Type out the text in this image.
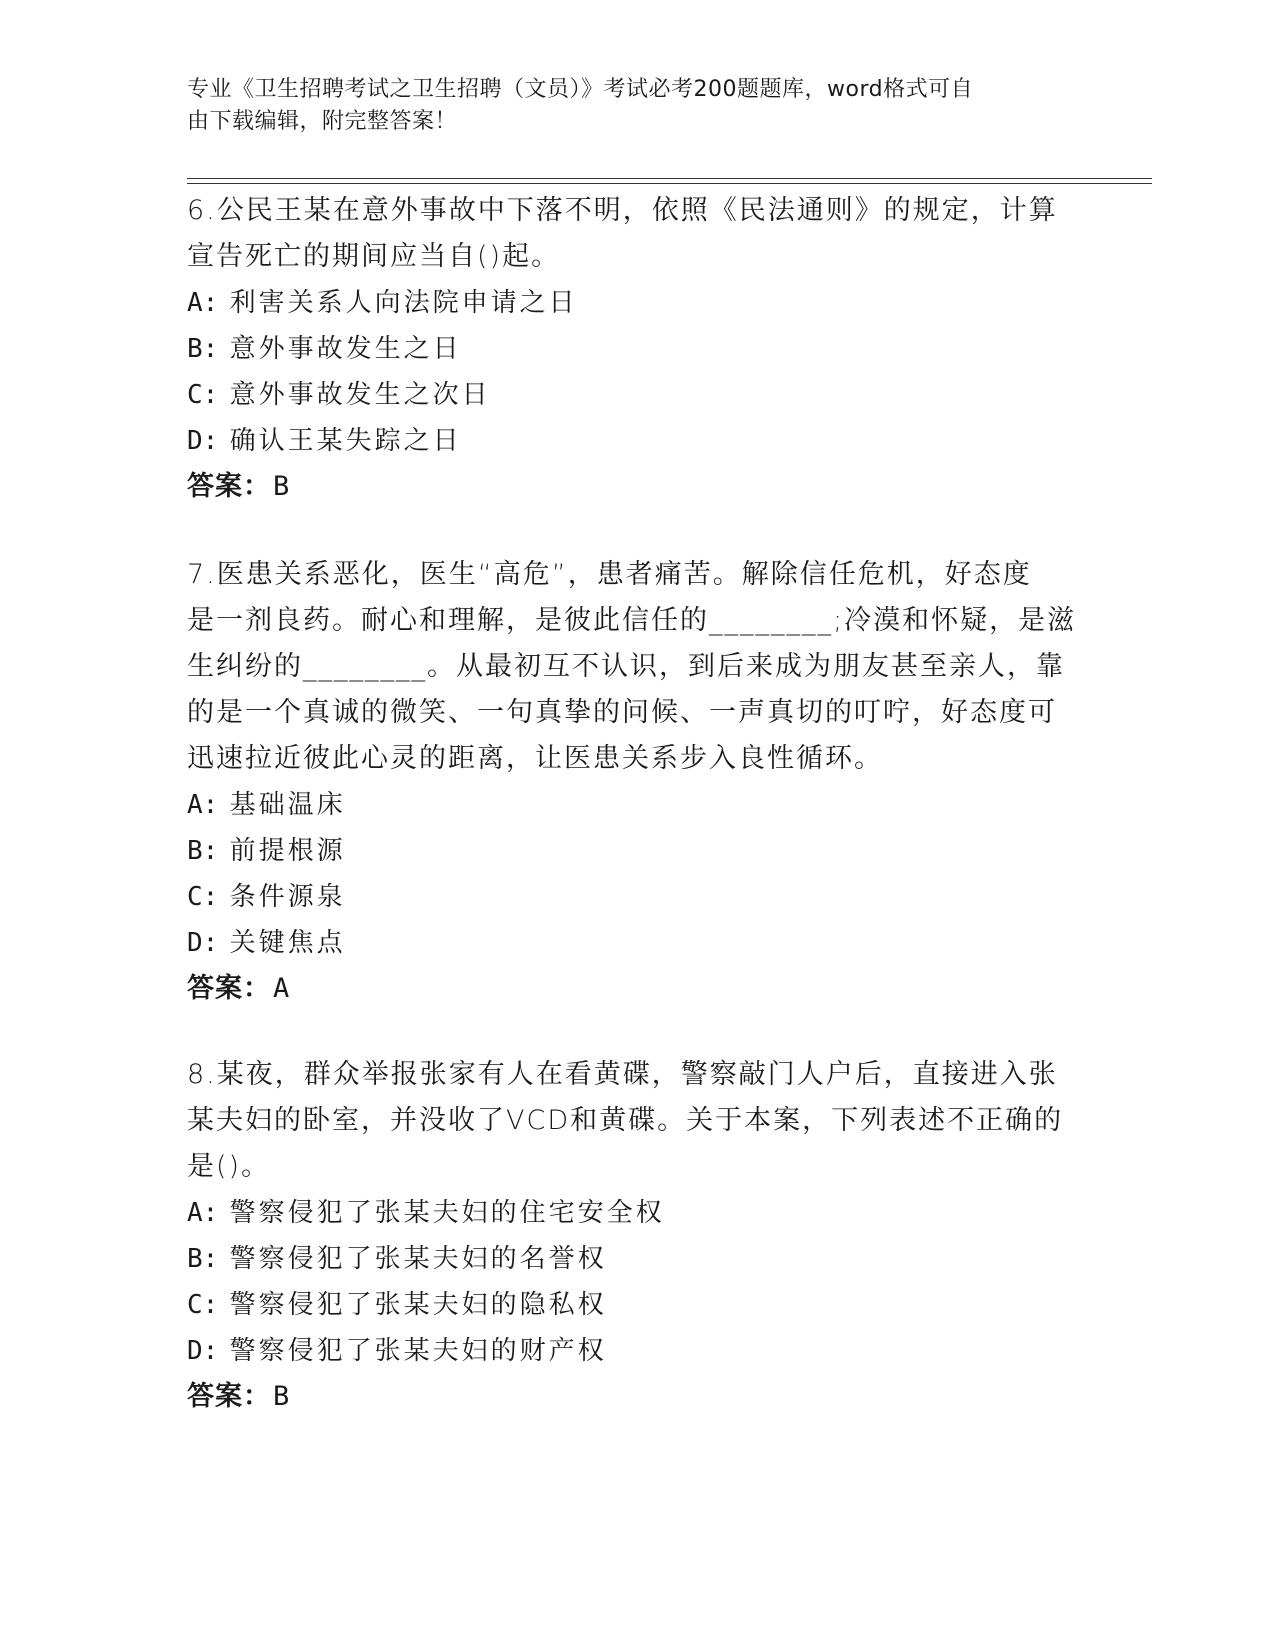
专业《卫生招聘考试之卫生招聘（文员）》考试必考200题题库，word格式可自
由下载编辑，附完整答案！

6.公民王某在意外事故中下落不明，依照《民法通则》的规定，计算

宣告死亡的期间应当自()起。

A: 利害关系人向法院申请之日

B: 意外事故发生之日

C: 意外事故发生之次日

D: 确认王某失踪之日

答案：B

7.医患关系恶化，医生“高危”，患者痛苦。解除信任危机，好态度

是一剂良药。耐心和理解，是彼此信任的________;冷漠和怀疑，是滋

生纠纷的________。从最初互不认识，到后来成为朋友甚至亲人，靠

的是一个真诚的微笑、一句真挚的问候、一声真切的叮咛，好态度可

迅速拉近彼此心灵的距离，让医患关系步入良性循环。

A: 基础温床

B: 前提根源

C: 条件源泉

D: 关键焦点

答案：A

8.某夜，群众举报张家有人在看黄碟，警察敲门人户后，直接进入张

某夫妇的卧室，并没收了VCD和黄碟。关于本案，下列表述不正确的

是()。

A: 警察侵犯了张某夫妇的住宅安全权

B: 警察侵犯了张某夫妇的名誉权

C: 警察侵犯了张某夫妇的隐私权

D: 警察侵犯了张某夫妇的财产权

答案：B
